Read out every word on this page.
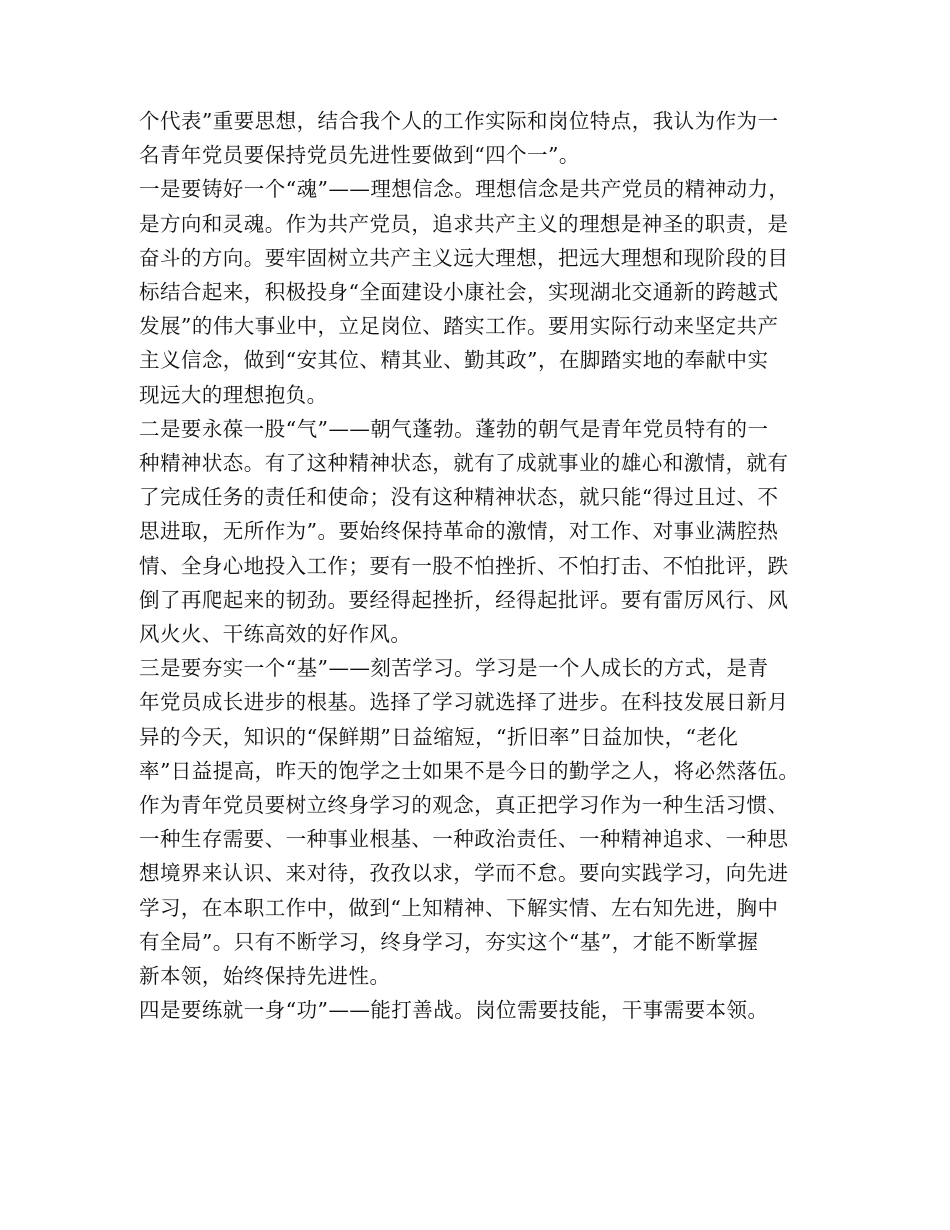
个代表”重要思想，结合我个人的工作实际和岗位特点，我认为作为一
名青年党员要保持党员先进性要做到“四个一”。

一是要铸好一个“魂”——理想信念。理想信念是共产党员的精神动力，
是方向和灵魂。作为共产党员，追求共产主义的理想是神圣的职责，是
奋斗的方向。要牢固树立共产主义远大理想，把远大理想和现阶段的目
标结合起来，积极投身“全面建设小康社会，实现湖北交通新的跨越式
发展”的伟大事业中，立足岗位、踏实工作。要用实际行动来坚定共产
主义信念，做到“安其位、精其业、勤其政”，在脚踏实地的奉献中实
现远大的理想抱负。

二是要永葆一股“气”——朝气蓬勃。蓬勃的朝气是青年党员特有的一
种精神状态。有了这种精神状态，就有了成就事业的雄心和激情，就有
了完成任务的责任和使命；没有这种精神状态，就只能“得过且过、不
思进取，无所作为”。要始终保持革命的激情，对工作、对事业满腔热
情、全身心地投入工作；要有一股不怕挫折、不怕打击、不怕批评，跌
倒了再爬起来的韧劲。要经得起挫折，经得起批评。要有雷厉风行、风
风火火、干练高效的好作风。

三是要夯实一个“基”——刻苦学习。学习是一个人成长的方式，是青
年党员成长进步的根基。选择了学习就选择了进步。在科技发展日新月
异的今天，知识的“保鲜期”日益缩短，“折旧率”日益加快，“老化
率”日益提高，昨天的饱学之士如果不是今日的勤学之人，将必然落伍。
作为青年党员要树立终身学习的观念，真正把学习作为一种生活习惯、
一种生存需要、一种事业根基、一种政治责任、一种精神追求、一种思
想境界来认识、来对待，孜孜以求，学而不怠。要向实践学习，向先进
学习，在本职工作中，做到“上知精神、下解实情、左右知先进，胸中
有全局”。只有不断学习，终身学习，夯实这个“基”，才能不断掌握
新本领，始终保持先进性。

四是要练就一身“功”——能打善战。岗位需要技能，干事需要本领。
